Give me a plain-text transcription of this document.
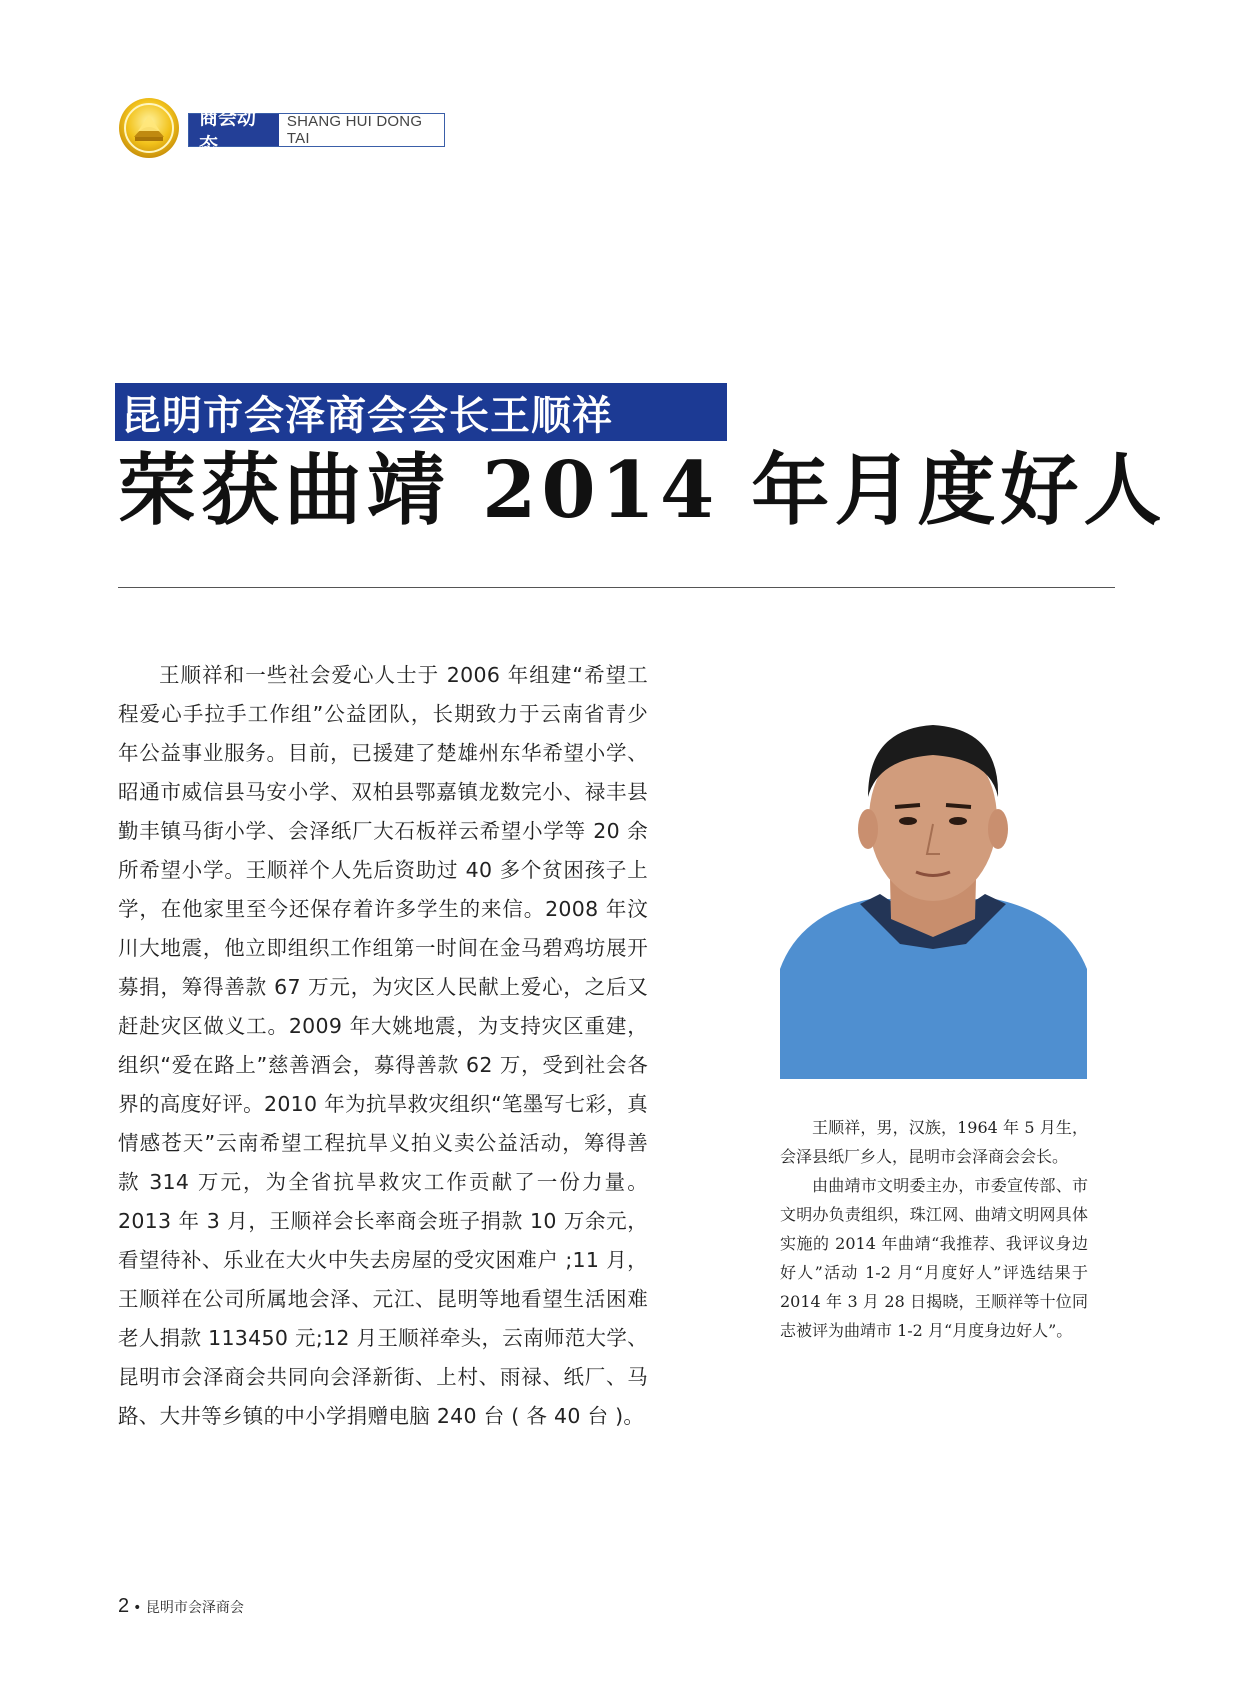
商会动态
SHANG HUI DONG TAI
昆明市会泽商会会长王顺祥
荣获曲靖 2014 年月度好人

王顺祥和一些社会爱心人士于 2006 年组建“希望工程爱心手拉手工作组”公益团队，长期致力于云南省青少年公益事业服务。目前，已援建了楚雄州东华希望小学、昭通市威信县马安小学、双柏县鄂嘉镇龙数完小、禄丰县勤丰镇马街小学、会泽纸厂大石板祥云希望小学等 20 余所希望小学。王顺祥个人先后资助过 40 多个贫困孩子上学，在他家里至今还保存着许多学生的来信。2008 年汶川大地震，他立即组织工作组第一时间在金马碧鸡坊展开募捐，筹得善款 67 万元，为灾区人民献上爱心，之后又赶赴灾区做义工。2009 年大姚地震，为支持灾区重建，组织“爱在路上”慈善酒会，募得善款 62 万，受到社会各界的高度好评。2010 年为抗旱救灾组织“笔墨写七彩，真情感苍天”云南希望工程抗旱义拍义卖公益活动，筹得善款 314 万元，为全省抗旱救灾工作贡献了一份力量。2013 年 3 月，王顺祥会长率商会班子捐款 10 万余元，看望待补、乐业在大火中失去房屋的受灾困难户 ;11 月，王顺祥在公司所属地会泽、元江、昆明等地看望生活困难老人捐款 113450 元;12 月王顺祥牵头，云南师范大学、昆明市会泽商会共同向会泽新街、上村、雨禄、纸厂、马路、大井等乡镇的中小学捐赠电脑 240 台 ( 各 40 台 )。

王顺祥，男，汉族，1964 年 5 月生，会泽县纸厂乡人，昆明市会泽商会会长。

由曲靖市文明委主办，市委宣传部、市文明办负责组织，珠江网、曲靖文明网具体实施的 2014 年曲靖“我推荐、我评议身边好人”活动 1-2 月“月度好人”评选结果于 2014 年 3 月 28 日揭晓，王顺祥等十位同志被评为曲靖市 1-2 月“月度身边好人”。

2 • 昆明市会泽商会
